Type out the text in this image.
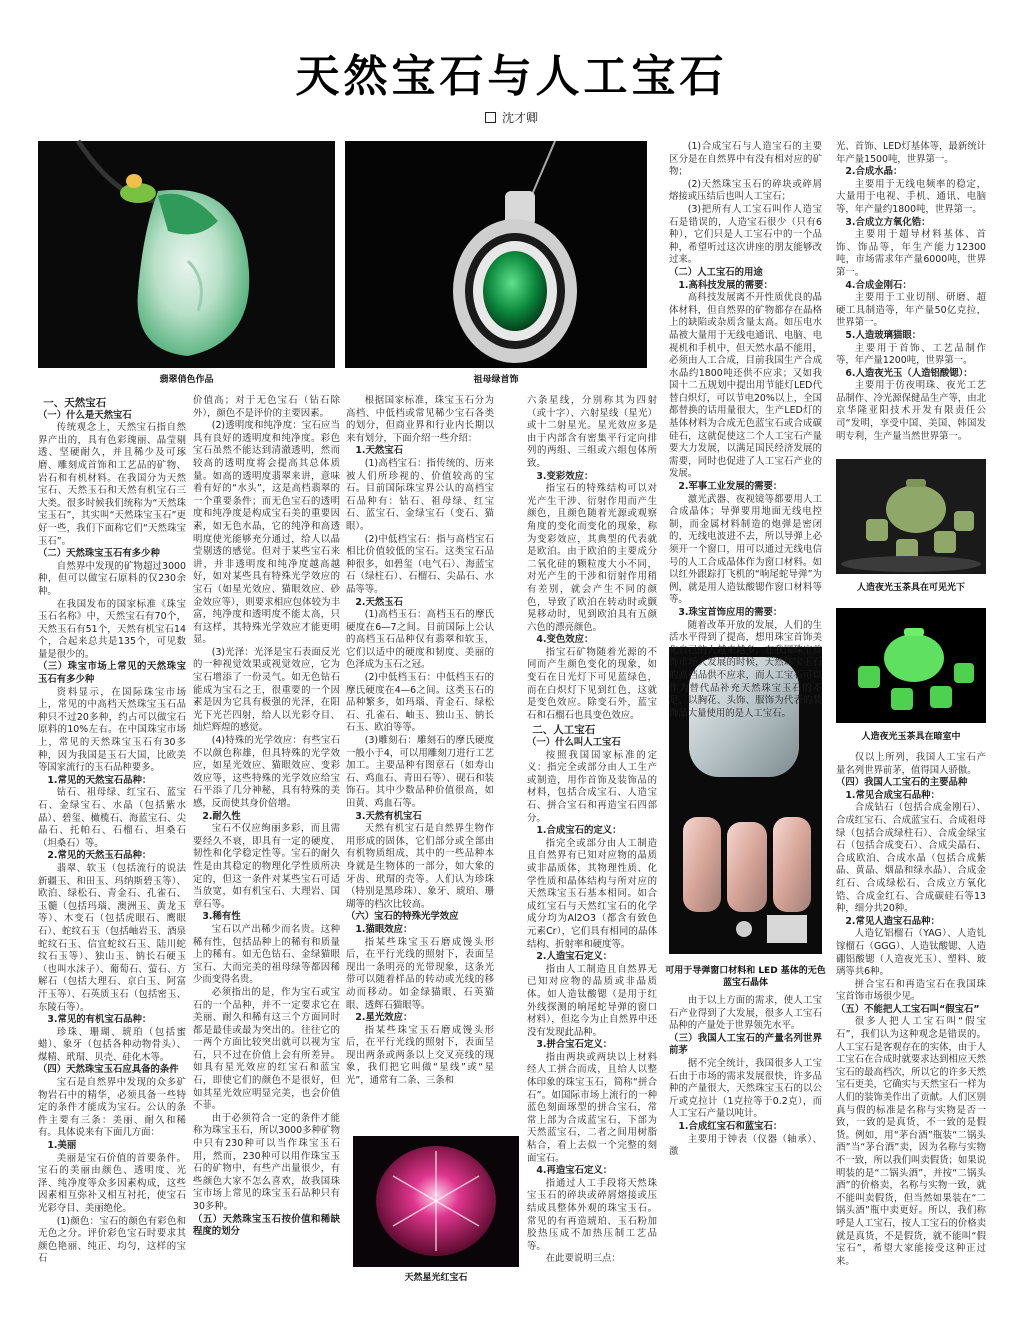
天然宝石与人工宝石
沈才卿
翡翠俏色作品	祖母绿首饰
可用于导弹窗口材料和 LED 基体的无色蓝宝石晶体
人造夜光玉茶具在可见光下
人造夜光玉茶具在暗室中
天然星光红宝石

一、天然宝石

（一）什么是天然宝石

传统观念上，天然宝石指自然界产出的，具有色彩瑰丽、晶莹剔透、坚硬耐久，并且稀少及可琢磨、雕刻成首饰和工艺品的矿物、岩石和有机材料。在我国分为天然宝石、天然玉石和天然有机宝石三大类。很多时候我们统称为“天然珠宝玉石”，其实叫“天然珠宝玉石”更好一些，我们下面称它们“天然珠宝玉石”。

（二）天然珠宝玉石有多少种

自然界中发现的矿物超过3000种，但可以做宝石原料的仅230余种。

在我国发布的国家标准《珠宝玉石名称》中，天然宝石有70个，天然玉石有51个，天然有机宝石14个，合起来总共是135个，可见数量是很少的。

（三）珠宝市场上常见的天然珠宝玉石有多少种

资料显示，在国际珠宝市场上，常见的中高档天然珠宝玉石品种只不过20多种，约占可以做宝石原料的10%左右。在中国珠宝市场上，常见的天然珠宝玉石有30多种，因为我国是玉石大国，比欧美等国家流行的玉石品种要多。

1.常见的天然宝石品种：

钻石、祖母绿、红宝石、蓝宝石、金绿宝石、水晶（包括紫水晶）、碧玺、橄榄石、海蓝宝石、尖晶石、托帕石、石榴石、坦桑石（坦桑石）等。

2.常见的天然玉石品种：

翡翠、软玉（包括流行的说法新疆玉、和田玉、玛纳斯碧玉等）、欧泊、绿松石、青金石、孔雀石、玉髓（包括玛瑙、澳洲玉、黄龙玉等）、木变石（包括虎眼石、鹰眼石）、蛇纹石玉（包括岫岩玉、酒泉蛇纹石玉、信宜蛇纹石玉、陆川蛇纹石玉等）、独山玉、钠长石硬玉（也叫水沫子）、葡萄石、萤石、方解石（包括大理石、京白玉、阿富汗玉等）、石英质玉石（包括密玉、东陵石等）。

3.常见的有机宝石品种：

珍珠、珊瑚、琥珀（包括蜜蜡）、象牙（包括各种动物骨头）、煤精、玳瑁、贝壳、硅化木等。

（四）天然珠宝玉石应具备的条件

宝石是自然界中发现的众多矿物岩石中的精华，必须具备一些特定的条件才能成为宝石。公认的条件主要有三条：美丽、耐久和稀有。具体说来有下面几方面：

1.美丽

美丽是宝石价值的首要条件。宝石的美丽由颜色、透明度、光泽、纯净度等众多因素构成，这些因素相互弥补又相互衬托，使宝石光彩夺目、美丽绝伦。

(1)颜色：宝石的颜色有彩色和无色之分。评价彩色宝石时要求其颜色艳丽、纯正、均匀，这样的宝石

价值高；对于无色宝石（钻石除外），颜色不是评价的主要因素。

(2)透明度和纯净度：宝石应当具有良好的透明度和纯净度。彩色宝石虽然不能达到清澈透明，然而较高的透明度将会提高其总体质量。如高的透明度翡翠来讲，意味着有好的“水头”，这是高档翡翠的一个重要条件；而无色宝石的透明度和纯净度是构成宝石美的重要因素，如无色水晶，它的纯净和高透明度使光能够充分通过，给人以晶莹剔透的感觉。但对于某些宝石来讲，并非透明度和纯净度越高越好，如对某些具有特殊光学效应的宝石（如星光效应、猫眼效应、砂金效应等），则要求相应包体较为丰富，纯净度和透明度不能太高，只有这样，其特殊光学效应才能更明显。

(3)光泽：光泽是宝石表面反光的一种视觉效果或视觉效应，它为宝石增添了一份灵气。如无色钻石能成为宝石之王，很重要的一个因素是因为它具有极强的光泽，在阳光下光芒四射，给人以光彩夺目、灿烂辉煌的感觉。

(4)特殊的光学效应：有些宝石不以颜色称雄，但具特殊的光学效应，如星光效应、猫眼效应、变彩效应等，这些特殊的光学效应给宝石平添了几分神秘，具有特殊的美感，反而使其身价倍增。

2.耐久性

宝石不仅应绚丽多彩，而且需要经久不衰，即具有一定的硬度、韧性和化学稳定性等。宝石的耐久性是由其稳定的物理化学性质所决定的，但这一条件对某些宝石可适当放宽，如有机宝石、大理岩、国章石等。

3.稀有性

宝石以产出稀少而名贵。这种稀有性，包括品种上的稀有和质量上的稀有。如无色钻石、金绿猫眼宝石、大而完美的祖母绿等都因稀少而变得名贵。

必须指出的是，作为宝石或宝石的一个品种，并不一定要求它在美丽、耐久和稀有这三个方面同时都是最佳或最为突出的。往往它的一两个方面比较突出就可以视为宝石，只不过在价值上会有所差异。如具有星光效应的红宝石和蓝宝石，即使它们的颜色不是很好，但如其星光效应明显完美，也会价值不菲。

由于必须符合一定的条件才能称为珠宝玉石，所以3000多种矿物中只有230种可以当作珠宝玉石用，然而，230种可以用作珠宝玉石的矿物中，有些产出量很少，有些颜色大家不怎么喜欢，故我国珠宝市场上常见的珠宝玉石品种只有30多种。

（五）天然珠宝玉石按价值和稀缺程度的划分

根据国家标准，珠宝玉石分为高档、中低档或常见稀少宝石各类的划分，但商业界和行业内长期以来有划分，下面介绍一些介绍：

1.天然宝石

(1)高档宝石：指传统的、历来被人们所珍视的、价值较高的宝石。目前国际珠宝界公认的高档宝石品种有：钻石、祖母绿、红宝石、蓝宝石、金绿宝石（变石、猫眼）。

(2)中低档宝石：指与高档宝石相比价值较低的宝石。这类宝石品种很多，如碧玺（电气石）、海蓝宝石（绿柱石）、石榴石、尖晶石、水晶等等。

2.天然玉石

(1)高档玉石：高档玉石的摩氏硬度在6—7之间。目前国际上公认的高档玉石品种仅有翡翠和软玉，它们以适中的硬度和韧度、美丽的色泽成为玉石之冠。

(2)中低档玉石：中低档玉石的摩氏硬度在4—6之间。这类玉石的品种繁多，如玛瑙、青金石、绿松石、孔雀石、岫玉、独山玉、钠长石玉、欧泊等等。

(3)雕刻石：雕刻石的摩氏硬度一般小于4，可以用雕刻刀进行工艺加工。主要品种有图章石（如寿山石、鸡血石、青田石等）、砚石和装饰石。其中少数品种价值很高，如田黄、鸡血石等。

3.天然有机宝石

天然有机宝石是自然界生物作用形成的固体，它们部分或全部由有机物质组成，其中的一些品种本身就是生物体的一部分，如大象的牙齿、玳瑁的壳等。人们认为珍珠（特别是黑珍珠）、象牙、琥珀、珊瑚等的档次比较高。

（六）宝石的特殊光学效应

1.猫眼效应：

指某些珠宝玉石磨成馒头形后，在平行光线的照射下，表面呈现出一条明亮的光带现象，这条光带可以随着样品的转动或光线的移动而移动。如金绿猫眼、石英猫眼、透辉石猫眼等。

2.星光效应：

指某些珠宝玉石磨成馒头形后，在平行光线的照射下，表面呈现出两条或两条以上交叉亮线的现象，我们把它叫做“星线”或“星光”，通常有二条、三条和

六条星线，分别称其为四射（或十字）、六射星线（星光）或十二射星光。星光效应多是由于内部含有密集平行定向排列的两组、三组或六组包体所致。

3.变彩效应：

指宝石的特殊结构可以对光产生干涉、衍射作用而产生颜色，且颜色随着光源或观察角度的变化而变化的现象，称为变彩效应，其典型的代表就是欧泊。由于欧泊的主要成分二氧化硅的颗粒度大小不同，对光产生的干涉和衍射作用稍有差别，就会产生不同的颜色，导致了欧泊在转动时或颤晃移动时，见到欧泊具有五颜六色的漂亮颜色。

4.变色效应：

指宝石矿物随着光源的不同而产生颜色变化的现象，如变石在日光灯下可见蓝绿色，而在白炽灯下见到红色，这就是变色效应。除变石外，蓝宝石和石榴石也具变色效应。

二、人工宝石

（一）什么叫人工宝石

按照我国国家标准的定义：指完全或部分由人工生产或制造，用作首饰及装饰品的材料，包括合成宝石、人造宝石、拼合宝石和再造宝石四部分。

1.合成宝石的定义：

指完全或部分由人工制造且自然界有已知对应物的晶质或非晶质体，其物理性质、化学性质和晶体结构与所对应的天然珠宝玉石基本相同。如合成红宝石与天然红宝石的化学成分均为Al2O3（都含有致色元素Cr），它们具有相同的晶体结构、折射率和硬度等。

2.人造宝石定义：

指由人工制造且自然界无已知对应物的晶质或非晶质体。如人造钛酸锶（是用于红外线探测的响尾蛇导弹的窗口材料），但迄今为止自然界中还没有发现此品种。

3.拼合宝石定义：

指由两块或两块以上材料经人工拼合而成，且给人以整体印象的珠宝玉石，简称“拼合石”。如国际市场上流行的一种蓝色刻面琢型的拼合宝石，常常上部为合成蓝宝石，下部为天然蓝宝石，二者之间用树脂粘合，看上去似一个完整的刻面宝石。

4.再造宝石定义：

指通过人工手段将天然珠宝玉石的碎块或碎屑熔接或压结成具整体外观的珠宝玉石。常见的有再造琥珀、玉石粉加胶热压成不加热压制工艺品等。

在此要说明三点：

(1)合成宝石与人造宝石的主要区分是在自然界中有没有相对应的矿物；

(2)天然珠宝玉石的碎块或碎屑熔接或压结后也叫人工宝石；

(3)把所有人工宝石叫作人造宝石是错误的，人造宝石很少（只有6种），它们只是人工宝石中的一个品种，希望听过这次讲座的朋友能够改过来。

（二）人工宝石的用途

1.高科技发展的需要：

高科技发展离不开性质优良的晶体材料，但自然界的矿物都存在晶格上的缺陷或杂质含量太高。如压电水晶被大量用于无线电通讯、电脑、电视机和手机中，但天然水晶不能用，必须由人工合成，目前我国生产合成水晶约1800吨还供不应求；又如我国十二五规划中提出用节能灯LED代替白炽灯，可以节电20%以上，全国都替换的话用量很大，生产LED灯的基体材料为合成无色蓝宝石或合成碳硅石，这就促使这二个人工宝石产量要大力发展，以满足国民经济发展的需要，同时也促进了人工宝石产业的发展。

2.军事工业发展的需要：

激光武器、夜视镜等都要用人工合成晶体；导弹要用地面无线电控制，而金属材料制造的炮弹是密闭的，无线电波进不去，所以导弹上必须开一个窗口，用可以通过无线电信号的人工合成晶体作为窗口材料。如以红外跟踪打飞机的“响尾蛇导弹”为例，就是用人造钛酸锶作窗口材料等等。

3.珠宝首饰应用的需要：

随着改革开放的发展，人们的生活水平得到了提高，想用珠宝首饰美化自己的人越来越多，在我国珠宝首饰市场大发展的时候，天然珠宝玉石的高档品供不应求，而人工宝石可以作为替代品补充天然珠宝玉石的不足，以胸花、头饰、服饰为代表的装饰品大量使用的是人工宝石。

光、首饰、LED灯基体等，最新统计年产量1500吨，世界第一。

2.合成水晶：

主要用于无线电频率的稳定，大量用于电视、手机、通讯、电脑等，年产量约1800吨，世界第一。

3.合成立方氧化锆：

主要用于超导材料基体、首饰、饰品等，年生产能力12300吨，市场需求年产量6000吨，世界第一。

4.合成金刚石：

主要用于工业切削、研磨、超硬工具制造等，年产量50亿克拉，世界第一。

5.人造玻璃猫眼：

主要用于首饰、工艺品制作等，年产量1200吨，世界第一。

6.人造夜光玉（人造铝酸锶）：

主要用于仿夜明珠、夜光工艺品制作、冷光源保健品生产等，由北京华隆亚阳技术开发有限责任公司“发明，享受中国、美国、韩国发明专利，生产量当然世界第一。

仅以上所列，我国人工宝石产量名列世界前茅，值得国人骄傲。

（四）我国人工宝石的主要品种

1.常见合成宝石品种：

合成钻石（包括合成金刚石）、合成红宝石、合成蓝宝石、合成祖母绿（包括合成绿柱石）、合成金绿宝石（包括合成变石）、合成尖晶石、合成欧泊、合成水晶（包括合成紫晶、黄晶、烟晶和绿水晶）、合成金红石、合成绿松石、合成立方氧化锆、合成金红石、合成碳硅石等13种，细分共20种。

2.常见人造宝石品种：

人造钇铝榴石（YAG）、人造钆镓榴石（GGG）、人造钛酸锶、人造硼铝酸锶（人造夜光玉）、塑料、玻璃等共6种。

拼合宝石和再造宝石在我国珠宝首饰市场很少见。

（五）不能把人工宝石叫“假宝石”

很多人把人工宝石叫“假宝石”，我们认为这种观念是错误的。人工宝石是客观存在的实体，由于人工宝石在合成时就要求达到相应天然宝石的最高档次，所以它的许多天然宝石更美，它确实与天然宝石一样为人们的装饰美作出了贡献。人们区别真与假的标准是名称与实物是否一致，一致的是真货，不一致的是假货。例如，用“茅台酒”瓶装“二锅头酒”当“茅台酒”卖，因为名称与实物不一致，所以我们叫卖假货；如果说明装的是“二锅头酒”，并按“二锅头酒”的价格卖，名称与实物一致，就不能叫卖假货，但当然如果装在“二锅头酒”瓶中卖更好。所以，我们称呼是人工宝石，按人工宝石的价格卖就是真货，不是假货，就不能叫“假宝石”，希望大家能接受这种正过来。

由于以上方面的需求，使人工宝石产业得到了大发展，很多人工宝石品种的产量处于世界领先水平。

（三）我国人工宝石的产量名列世界前茅

据不完全统计，我国很多人工宝石由于市场的需求发展很快，许多品种的产量很大，天然珠宝玉石的以公斤或克拉计（1克拉等于0.2克），而人工宝石产量以吨计。

1.合成红宝石和蓝宝石：

主要用于钟表（仪器（轴承）、激
